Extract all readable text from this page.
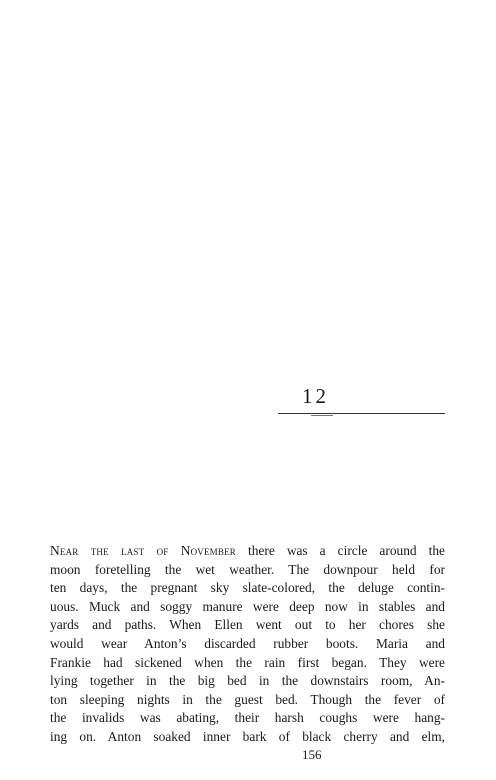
12
Near the last of November there was a circle around the
moon foretelling the wet weather. The downpour held for
ten days, the pregnant sky slate-colored, the deluge contin-
uous. Muck and soggy manure were deep now in stables and
yards and paths. When Ellen went out to her chores she
would wear Anton’s discarded rubber boots. Maria and
Frankie had sickened when the rain first began. They were
lying together in the big bed in the downstairs room, An-
ton sleeping nights in the guest bed. Though the fever of
the invalids was abating, their harsh coughs were hang-
ing on. Anton soaked inner bark of black cherry and elm,
156
